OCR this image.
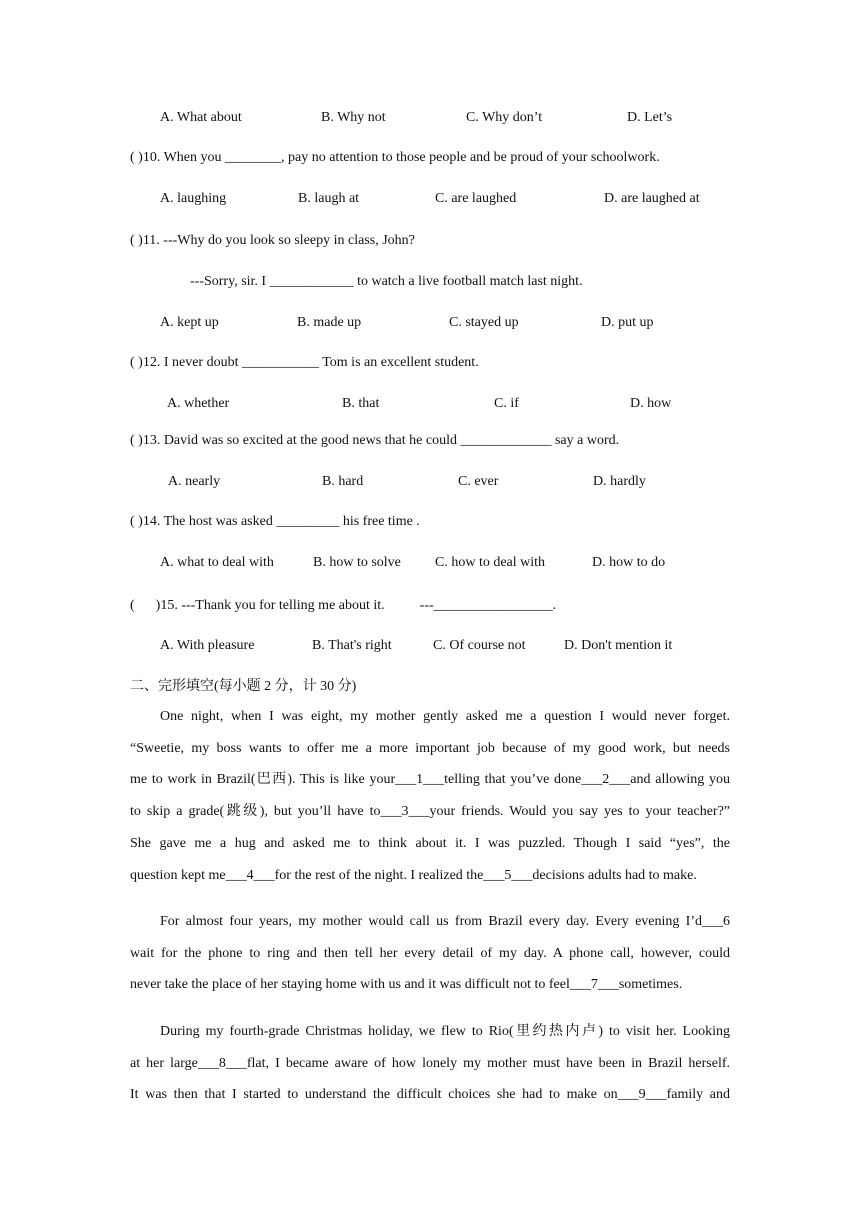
A. What about	B. Why not	C. Why don’t	D. Let’s
( )10. When you ________, pay no attention to those people and be proud of your schoolwork.
A. laughing	B. laugh at	C. are laughed	D. are laughed at
( )11. ---Why do you look so sleepy in class, John?
---Sorry, sir. I ____________ to watch a live football match last night.
A. kept up	B. made up	C. stayed up	D. put up
( )12. I never doubt ___________ Tom is an excellent student.
A. whether	B. that	C. if	D. how
( )13. David was so excited at the good news that he could _____________ say a word.
A. nearly	B. hard	C. ever	D. hardly
( )14. The host was asked _________ his free time .
A. what to deal with	B. how to solve C. how to deal with	D. how to do
(      )15. ---Thank you for telling me about it.          ---_________________.
A. With pleasure	B. That's right	C. Of course not	D. Don't mention it
二、完形填空(每小题 2 分，计 30 分)

One night, when I was eight, my mother gently asked me a question I would never forget.

“Sweetie, my boss wants to offer me a more important job because of my good work, but needs

me to work in Brazil(巴西). This is like your___1___telling that you’ve done___2___and allowing you

to skip a grade(跳级), but you’ll have to___3___your friends. Would you say yes to your teacher?”

She gave me a hug and asked me to think about it. I was puzzled. Though I said “yes”, the

question kept me___4___for the rest of the night. I realized the___5___decisions adults had to make.

For almost four years, my mother would call us from Brazil every day. Every evening I’d___6

wait for the phone to ring and then tell her every detail of my day. A phone call, however, could

never take the place of her staying home with us and it was difficult not to feel___7___sometimes.

During my fourth-grade Christmas holiday, we flew to Rio(里约热内卢) to visit her. Looking

at her large___8___flat, I became aware of how lonely my mother must have been in Brazil herself.

It was then that I started to understand the difficult choices she had to make on___9___family and
